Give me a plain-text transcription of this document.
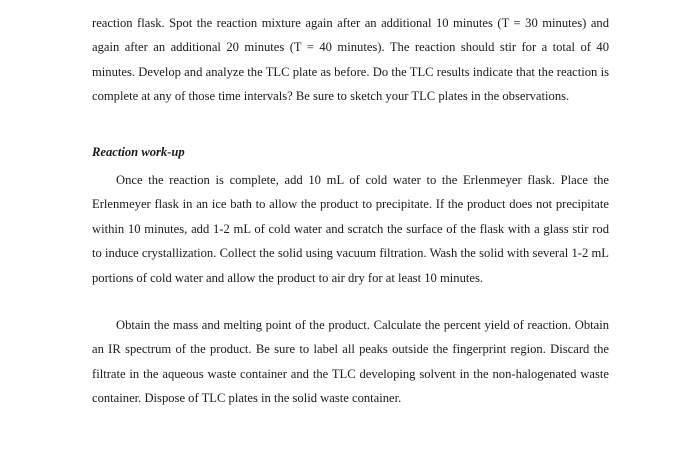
reaction flask. Spot the reaction mixture again after an additional 10 minutes (T = 30 minutes) and again after an additional 20 minutes (T = 40 minutes). The reaction should stir for a total of 40 minutes. Develop and analyze the TLC plate as before. Do the TLC results indicate that the reaction is complete at any of those time intervals? Be sure to sketch your TLC plates in the observations.
Reaction work-up
Once the reaction is complete, add 10 mL of cold water to the Erlenmeyer flask. Place the Erlenmeyer flask in an ice bath to allow the product to precipitate. If the product does not precipitate within 10 minutes, add 1-2 mL of cold water and scratch the surface of the flask with a glass stir rod to induce crystallization. Collect the solid using vacuum filtration. Wash the solid with several 1-2 mL portions of cold water and allow the product to air dry for at least 10 minutes.
Obtain the mass and melting point of the product. Calculate the percent yield of reaction. Obtain an IR spectrum of the product. Be sure to label all peaks outside the fingerprint region. Discard the filtrate in the aqueous waste container and the TLC developing solvent in the non-halogenated waste container. Dispose of TLC plates in the solid waste container.
